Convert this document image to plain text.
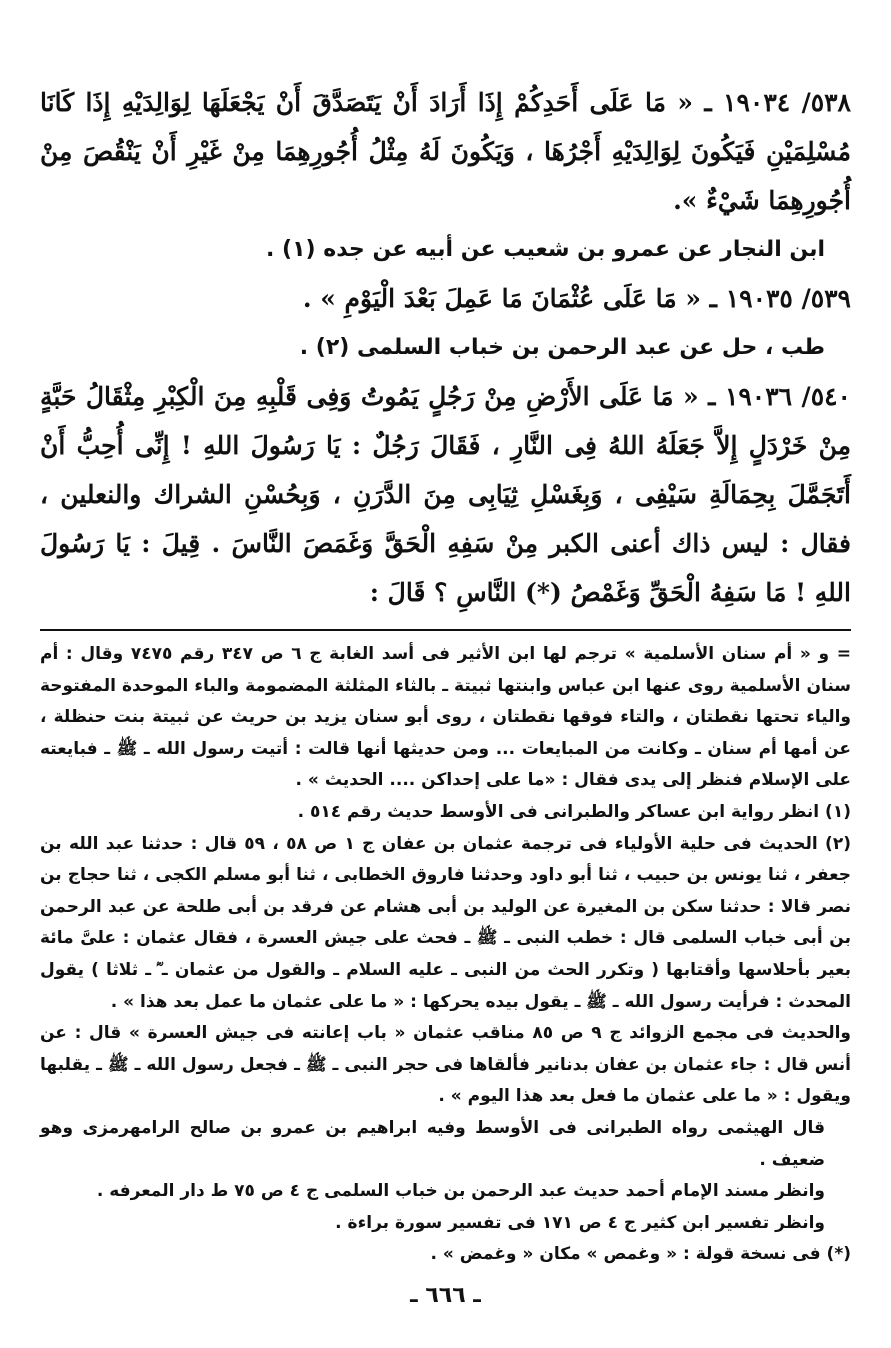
٥٣٨/ ١٩٠٣٤ ـ « مَا عَلَى أَحَدِكُمْ إِذَا أَرَادَ أَنْ يَتَصَدَّقَ أَنْ يَجْعَلَهَا لِوَالِدَيْهِ إِذَا كَانَا مُسْلِمَيْنِ فَيَكُونَ لِوَالِدَيْهِ أَجْرُهَا ، وَيَكُونَ لَهُ مِثْلُ أُجُورِهِمَا مِنْ غَيْرِ أَنْ يَنْقُصَ مِنْ أُجُورِهِمَا شَيْءٌ ».

ابن النجار عن عمرو بن شعيب عن أبيه عن جده (١) .

٥٣٩/ ١٩٠٣٥ ـ « مَا عَلَى عُثْمَانَ مَا عَمِلَ بَعْدَ الْيَوْمِ » .

طب ، حل عن عبد الرحمن بن خباب السلمى (٢) .

٥٤٠/ ١٩٠٣٦ ـ « مَا عَلَى الأَرْضِ مِنْ رَجُلٍ يَمُوتُ وَفِى قَلْبِهِ مِنَ الْكِبْرِ مِثْقَالُ حَبَّةٍ مِنْ خَرْدَلٍ إِلاَّ جَعَلَهُ اللهُ فِى النَّارِ ، فَقَالَ رَجُلٌ : يَا رَسُولَ اللهِ ! إِنِّى أُحِبُّ أَنْ أَتَجَمَّلَ بِحِمَالَةِ سَيْفِى ، وَبِغَسْلِ ثِيَابِى مِنَ الدَّرَنِ ، وَبِحُسْنِ الشراك والنعلين ، فقال : ليس ذاك أعنى الكبر مِنْ سَفِهِ الْحَقَّ وَغَمَصَ النَّاسَ . قِيلَ : يَا رَسُولَ اللهِ ! مَا سَفِهُ الْحَقِّ وَغَمْصُ (*) النَّاسِ ؟ قَالَ :

= و « أم سنان الأسلمية » ترجم لها ابن الأثير فى أسد الغابة ج ٦ ص ٣٤٧ رقم ٧٤٧٥ وقال : أم سنان الأسلمية روى عنها ابن عباس وابنتها ثبيتة ـ بالثاء المثلثة المضمومة والباء الموحدة المفتوحة والياء تحتها نقطتان ، والتاء فوقها نقطتان ، روى أبو سنان يزيد بن حريث عن ثبيتة بنت حنظلة ، عن أمها أم سنان ـ وكانت من المبايعات ... ومن حديثها أنها قالت : أتيت رسول الله ـ ﷺ ـ فبايعته على الإسلام فنظر إلى يدى فقال : «ما على إحداكن .... الحديث » .

(١) انظر رواية ابن عساكر والطبرانى فى الأوسط حديث رقم ٥١٤ .

(٢) الحديث فى حلية الأولياء فى ترجمة عثمان بن عفان ج ١ ص ٥٨ ، ٥٩ قال : حدثنا عبد الله بن جعفر ، ثنا يونس بن حبيب ، ثنا أبو داود وحدثنا فاروق الخطابى ، ثنا أبو مسلم الكجى ، ثنا حجاج بن نصر قالا : حدثنا سكن بن المغيرة عن الوليد بن أبى هشام عن فرقد بن أبى طلحة عن عبد الرحمن بن أبى خباب السلمى قال : خطب النبى ـ ﷺ ـ فحث على جيش العسرة ، فقال عثمان : علىَّ مائة بعير بأحلاسها وأقتابها ( وتكرر الحث من النبى ـ عليه السلام ـ والقول من عثمان ـ ؓ ـ ثلاثا ) يقول المحدث : فرأيت رسول الله ـ ﷺ ـ يقول بيده يحركها : « ما على عثمان ما عمل بعد هذا » .

والحديث فى مجمع الزوائد ج ٩ ص ٨٥ مناقب عثمان « باب إعانته فى جيش العسرة » قال : عن أنس قال : جاء عثمان بن عفان بدنانير فألقاها فى حجر النبى ـ ﷺ ـ فجعل رسول الله ـ ﷺ ـ يقلبها ويقول : « ما على عثمان ما فعل بعد هذا اليوم » .

قال الهيثمى رواه الطبرانى فى الأوسط وفيه ابراهيم بن عمرو بن صالح الرامهرمزى وهو ضعيف .

وانظر مسند الإمام أحمد حديث عبد الرحمن بن خباب السلمى ج ٤ ص ٧٥ ط دار المعرفه .

وانظر تفسير ابن كثير ج ٤ ص ١٧١ فى تفسير سورة براءة .

(*) فى نسخة قولة : « وغمص » مكان « وغمض » .

ـ ٦٦٦ ـ
